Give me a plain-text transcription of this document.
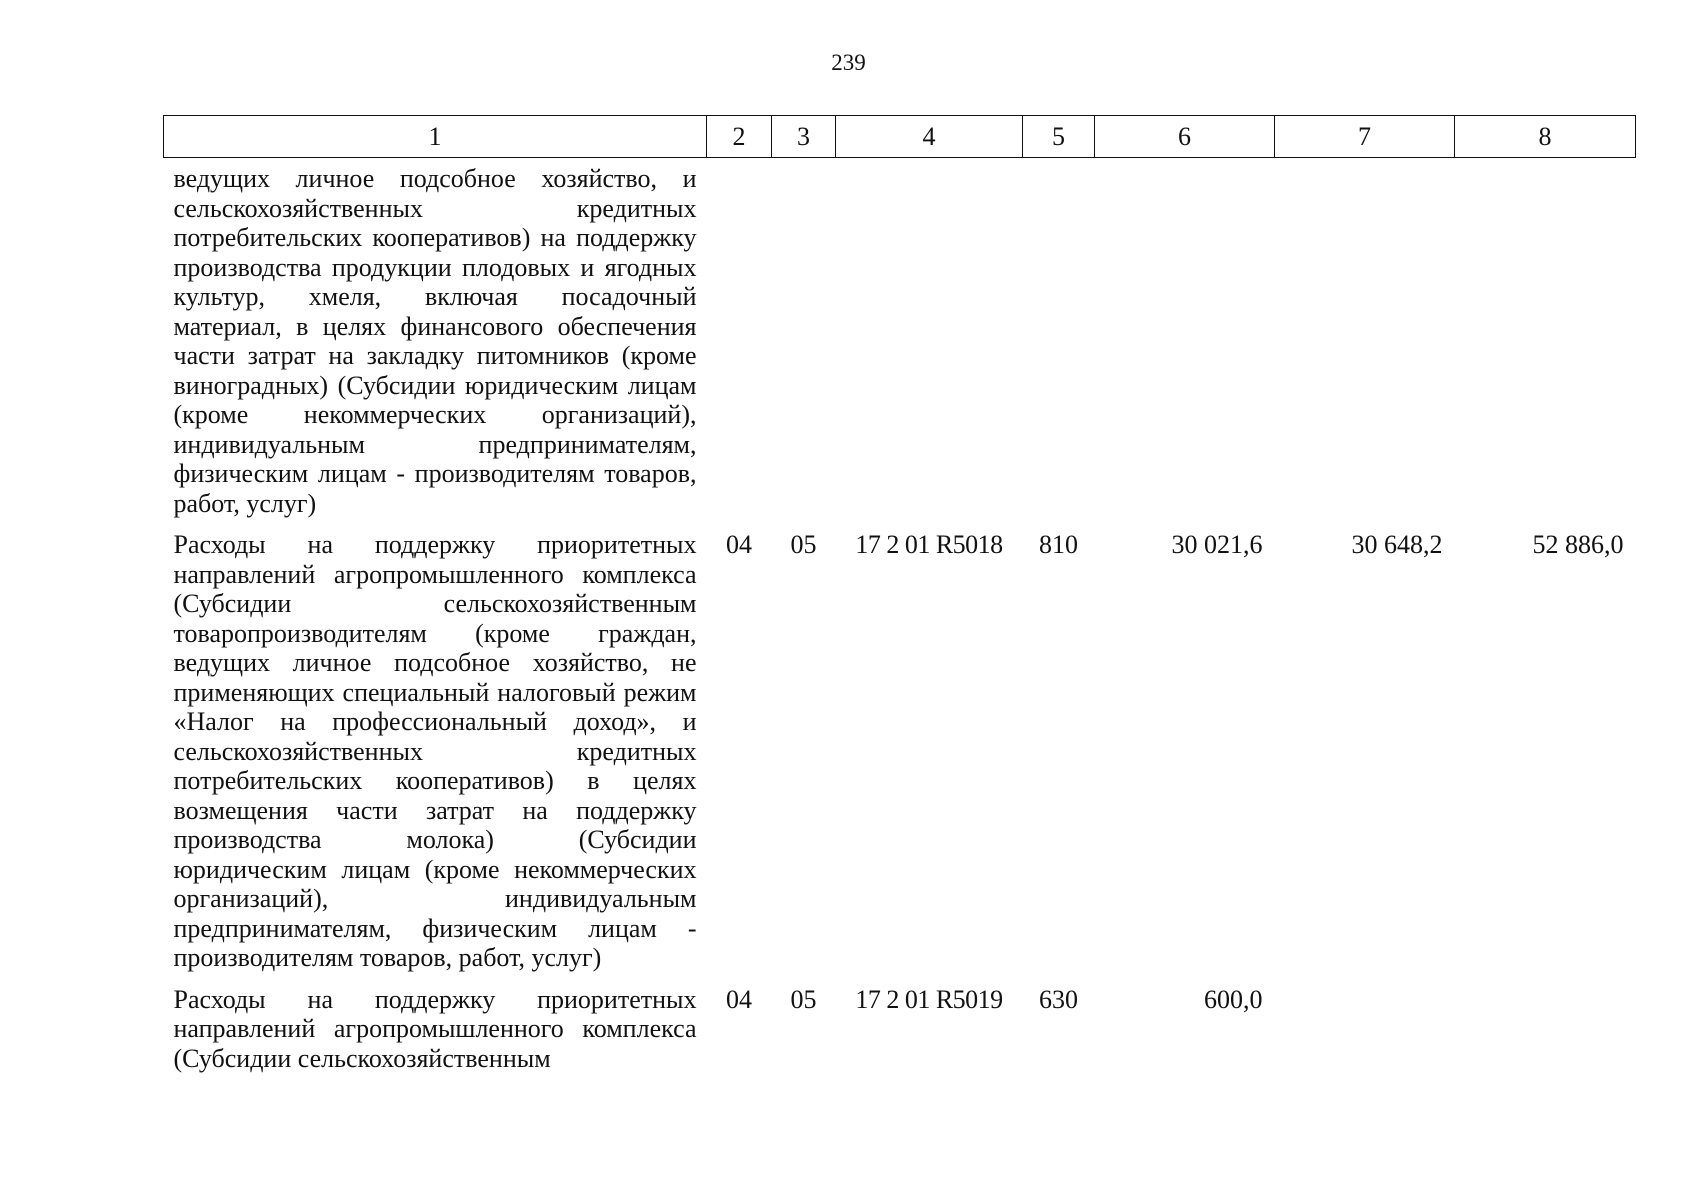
239
1	2	3	4	5	6	7	8
ведущих личное подсобное хозяйство, и сельскохозяйственных кредитных потребительских кооперативов) на поддержку производства продукции плодовых и ягодных культур, хмеля, включая посадочный материал, в целях финансового обеспечения части затрат на закладку питомников (кроме виноградных) (Субсидии юридическим лицам (кроме некоммерческих организаций), индивидуальным предпринимателям, физическим лицам - производителям товаров, работ, услуг)							
Расходы на поддержку приоритетных направлений агропромышленного комплекса (Субсидии сельскохозяйственным товаропроизводителям (кроме граждан, ведущих личное подсобное хозяйство, не применяющих специальный налоговый режим «Налог на профессиональный доход», и сельскохозяйственных кредитных потребительских кооперативов) в целях возмещения части затрат на поддержку производства молока) (Субсидии юридическим лицам (кроме некоммерческих организаций), индивидуальным предпринимателям, физическим лицам - производителям товаров, работ, услуг)	04	05	17 2 01 R5018	810	30 021,6	30 648,2	52 886,0
Расходы на поддержку приоритетных направлений агропромышленного комплекса (Субсидии сельскохозяйственным	04	05	17 2 01 R5019	630	600,0		
